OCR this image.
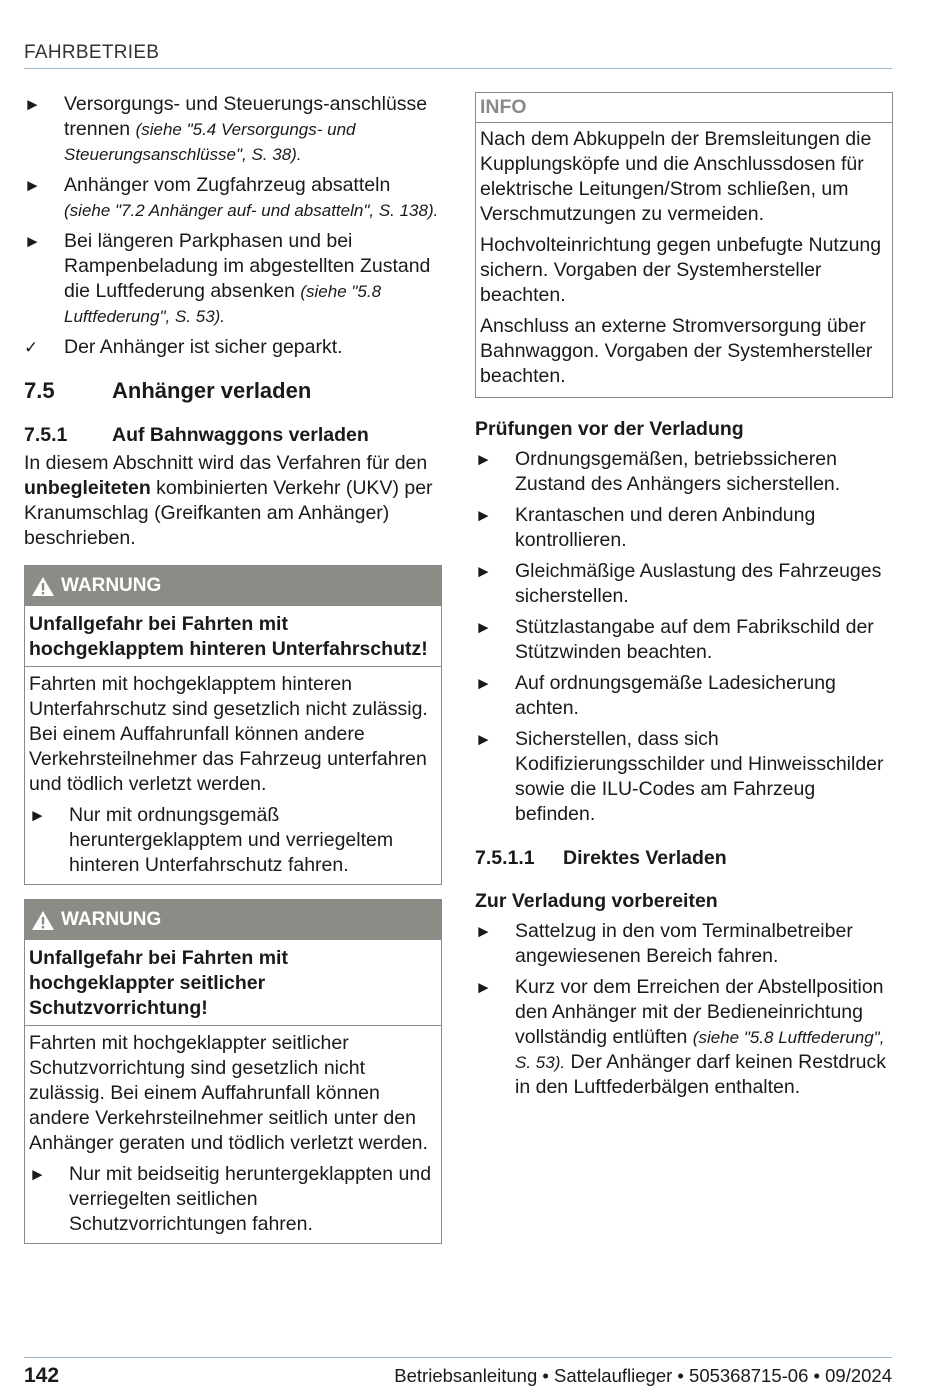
FAHRBETRIEB
► Versorgungs- und Steuerungs-anschlüsse trennen (siehe "5.4 Versorgungs- und Steuerungsanschlüsse", S. 38).
► Anhänger vom Zugfahrzeug absatteln (siehe "7.2 Anhänger auf- und absatteln", S. 138).
► Bei längeren Parkphasen und bei Rampenbeladung im abgestellten Zustand die Luftfederung absenken (siehe "5.8 Luftfederung", S. 53).
✓ Der Anhänger ist sicher geparkt.
7.5	Anhänger verladen
7.5.1	Auf Bahnwaggons verladen

In diesem Abschnitt wird das Verfahren für den unbegleiteten kombinierten Verkehr (UKV) per Kranumschlag (Greifkanten am Anhänger) beschrieben.

WARNUNG
Unfallgefahr bei Fahrten mit hochgeklapptem hinteren Unterfahrschutz!

Fahrten mit hochgeklapptem hinteren Unterfahrschutz sind gesetzlich nicht zulässig. Bei einem Auffahrunfall können andere Verkehrsteilnehmer das Fahrzeug unterfahren und tödlich verletzt werden.

► Nur mit ordnungsgemäß heruntergeklapptem und verriegeltem hinteren Unterfahrschutz fahren.
WARNUNG
Unfallgefahr bei Fahrten mit hochgeklappter seitlicher Schutzvorrichtung!

Fahrten mit hochgeklappter seitlicher Schutzvorrichtung sind gesetzlich nicht zulässig. Bei einem Auffahrunfall können andere Verkehrsteilnehmer seitlich unter den Anhänger geraten und tödlich verletzt werden.

► Nur mit beidseitig heruntergeklappten und verriegelten seitlichen Schutzvorrichtungen fahren.
INFO

Nach dem Abkuppeln der Bremsleitungen die Kupplungsköpfe und die Anschlussdosen für elektrische Leitungen/Strom schließen, um Verschmutzungen zu vermeiden.

Hochvolteinrichtung gegen unbefugte Nutzung sichern. Vorgaben der Systemhersteller beachten.

Anschluss an externe Stromversorgung über Bahnwaggon. Vorgaben der Systemhersteller beachten.

Prüfungen vor der Verladung
► Ordnungsgemäßen, betriebssicheren Zustand des Anhängers sicherstellen.
► Krantaschen und deren Anbindung kontrollieren.
► Gleichmäßige Auslastung des Fahrzeuges sicherstellen.
► Stützlastangabe auf dem Fabrikschild der Stützwinden beachten.
► Auf ordnungsgemäße Ladesicherung achten.
► Sicherstellen, dass sich Kodifizierungsschilder und Hinweisschilder sowie die ILU-Codes am Fahrzeug befinden.
7.5.1.1	Direktes Verladen
Zur Verladung vorbereiten
► Sattelzug in den vom Terminalbetreiber angewiesenen Bereich fahren.
► Kurz vor dem Erreichen der Abstellposition den Anhänger mit der Bedieneinrichtung vollständig entlüften (siehe "5.8 Luftfederung", S. 53). Der Anhänger darf keinen Restdruck in den Luftfederbälgen enthalten.
142	Betriebsanleitung • Sattelauflieger • 505368715-06 • 09/2024
